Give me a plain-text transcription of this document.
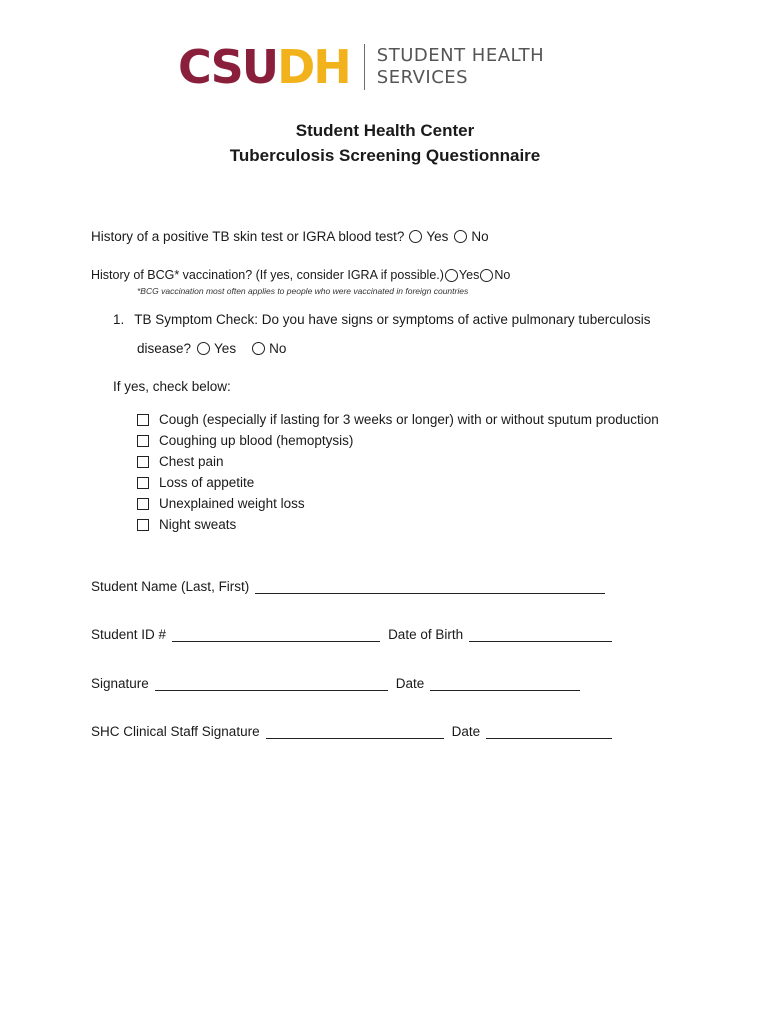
CSUDH STUDENT HEALTH
SERVICES
Student Health Center
Tuberculosis Screening Questionnaire
History of a positive TB skin test or IGRA blood test? Yes No
History of BCG* vaccination? (If yes, consider IGRA if possible.) Yes No
*BCG vaccination most often applies to people who were vaccinated in foreign countries
1. TB Symptom Check: Do you have signs or symptoms of active pulmonary tuberculosis
disease? Yes No
If yes, check below:
Cough (especially if lasting for 3 weeks or longer) with or without sputum production
Coughing up blood (hemoptysis)
Chest pain
Loss of appetite
Unexplained weight loss
Night sweats
Student Name (Last, First)
Student ID #	Date of Birth
Signature	Date
SHC Clinical Staff Signature	Date
